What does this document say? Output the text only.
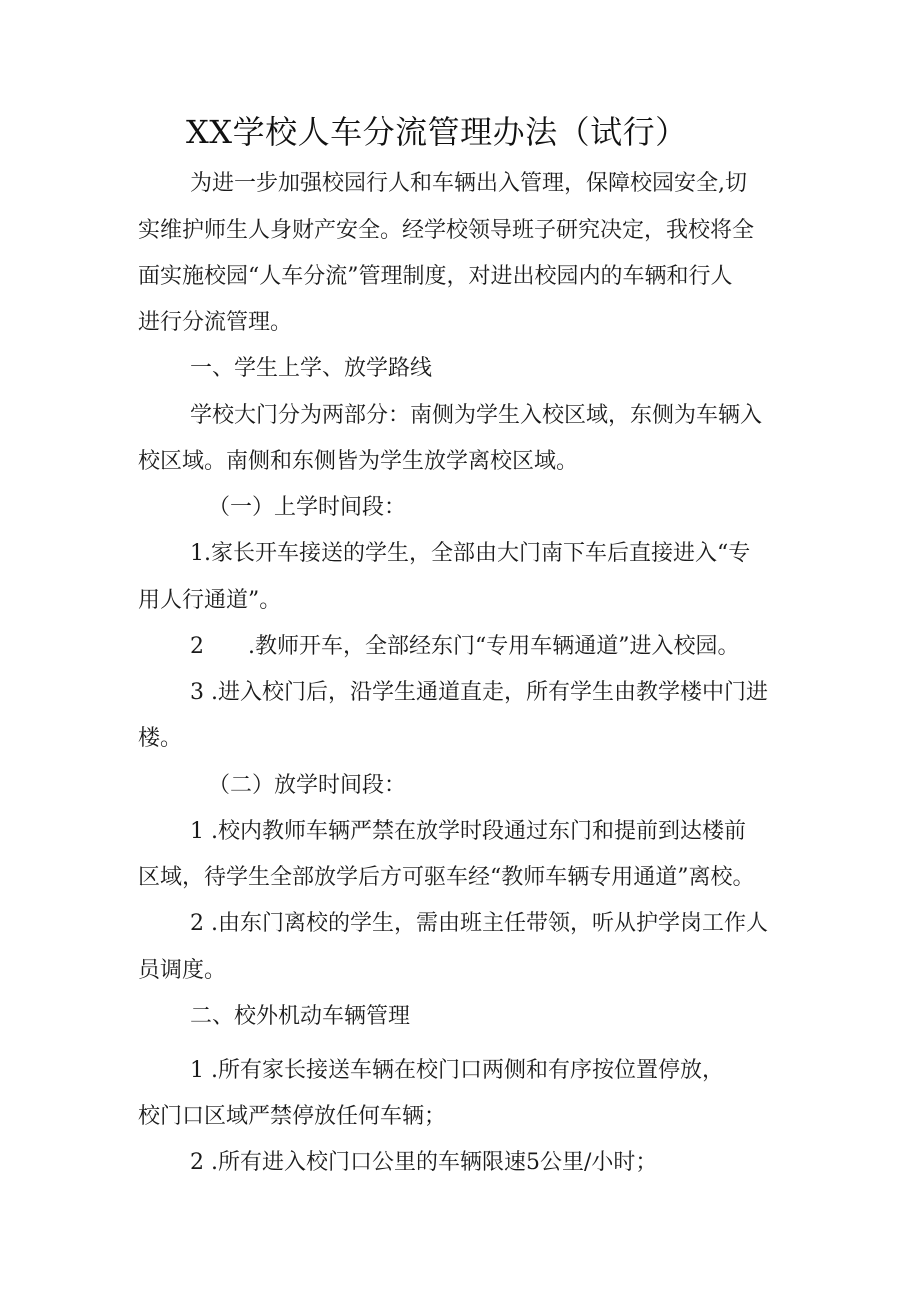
XX学校人车分流管理办法（试行）
为进一步加强校园行人和车辆出入管理，保障校园安全,切
实维护师生人身财产安全。经学校领导班子研究决定，我校将全
面实施校园“人车分流”管理制度，对进出校园内的车辆和行人
进行分流管理。
一、学生上学、放学路线
学校大门分为两部分：南侧为学生入校区域，东侧为车辆入
校区域。南侧和东侧皆为学生放学离校区域。
（一）上学时间段：
1.家长开车接送的学生，全部由大门南下车后直接进入“专
用人行通道”。
2　　.教师开车，全部经东门“专用车辆通道”进入校园。
3 .进入校门后，沿学生通道直走，所有学生由教学楼中门进
楼。
（二）放学时间段：
1 .校内教师车辆严禁在放学时段通过东门和提前到达楼前
区域，待学生全部放学后方可驱车经“教师车辆专用通道”离校。
2 .由东门离校的学生，需由班主任带领，听从护学岗工作人
员调度。
二、校外机动车辆管理
1 .所有家长接送车辆在校门口两侧和有序按位置停放，
校门口区域严禁停放任何车辆；
2 .所有进入校门口公里的车辆限速5公里/小时；
